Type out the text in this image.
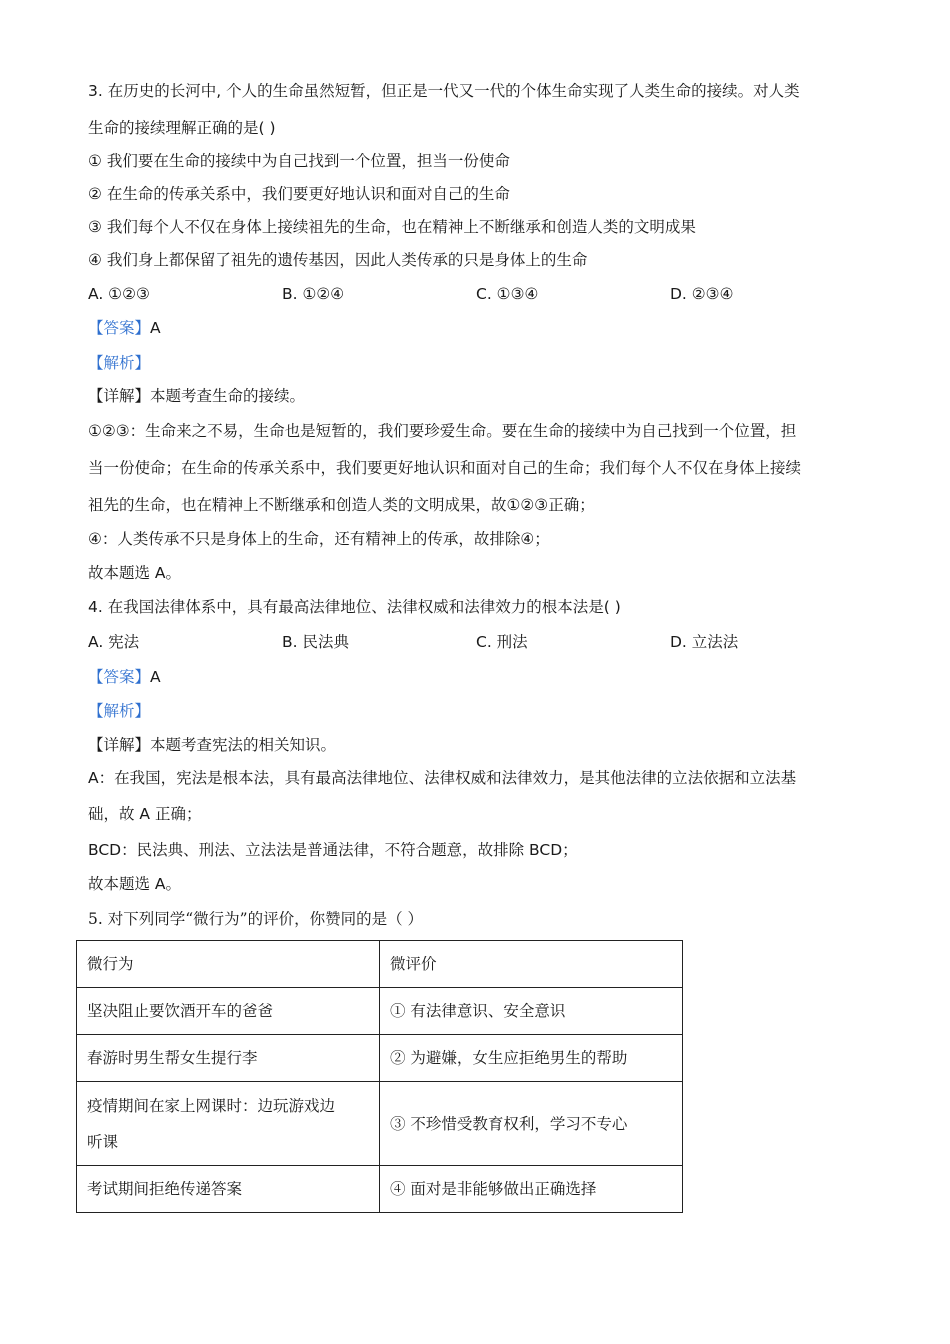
3. 在历史的长河中, 个人的生命虽然短暂，但正是一代又一代的个体生命实现了人类生命的接续。对人类
生命的接续理解正确的是( )
① 我们要在生命的接续中为自己找到一个位置，担当一份使命
② 在生命的传承关系中，我们要更好地认识和面对自己的生命
③ 我们每个人不仅在身体上接续祖先的生命，也在精神上不断继承和创造人类的文明成果
④ 我们身上都保留了祖先的遗传基因，因此人类传承的只是身体上的生命
A. ①②③	B. ①②④	C. ①③④	D. ②③④
【答案】A
【解析】
【详解】本题考查生命的接续。
①②③：生命来之不易，生命也是短暂的，我们要珍爱生命。要在生命的接续中为自己找到一个位置，担
当一份使命；在生命的传承关系中，我们要更好地认识和面对自己的生命；我们每个人不仅在身体上接续
祖先的生命，也在精神上不断继承和创造人类的文明成果，故①②③正确；
④：人类传承不只是身体上的生命，还有精神上的传承，故排除④；
故本题选 A。
4. 在我国法律体系中，具有最高法律地位、法律权威和法律效力的根本法是( )
A. 宪法	B. 民法典	C. 刑法	D. 立法法
【答案】A
【解析】
【详解】本题考查宪法的相关知识。
A：在我国，宪法是根本法，具有最高法律地位、法律权威和法律效力，是其他法律的立法依据和立法基
础，故 A 正确；
BCD：民法典、刑法、立法法是普通法律，不符合题意，故排除 BCD；
故本题选 A。
5. 对下列同学“微行为”的评价，你赞同的是（ ）
微行为	微评价
坚决阻止要饮酒开车的爸爸	① 有法律意识、安全意识
春游时男生帮女生提行李	② 为避嫌，女生应拒绝男生的帮助

疫情期间在家上网课时：边玩游戏边
听课	③ 不珍惜受教育权利，学习不专心
考试期间拒绝传递答案	④ 面对是非能够做出正确选择
